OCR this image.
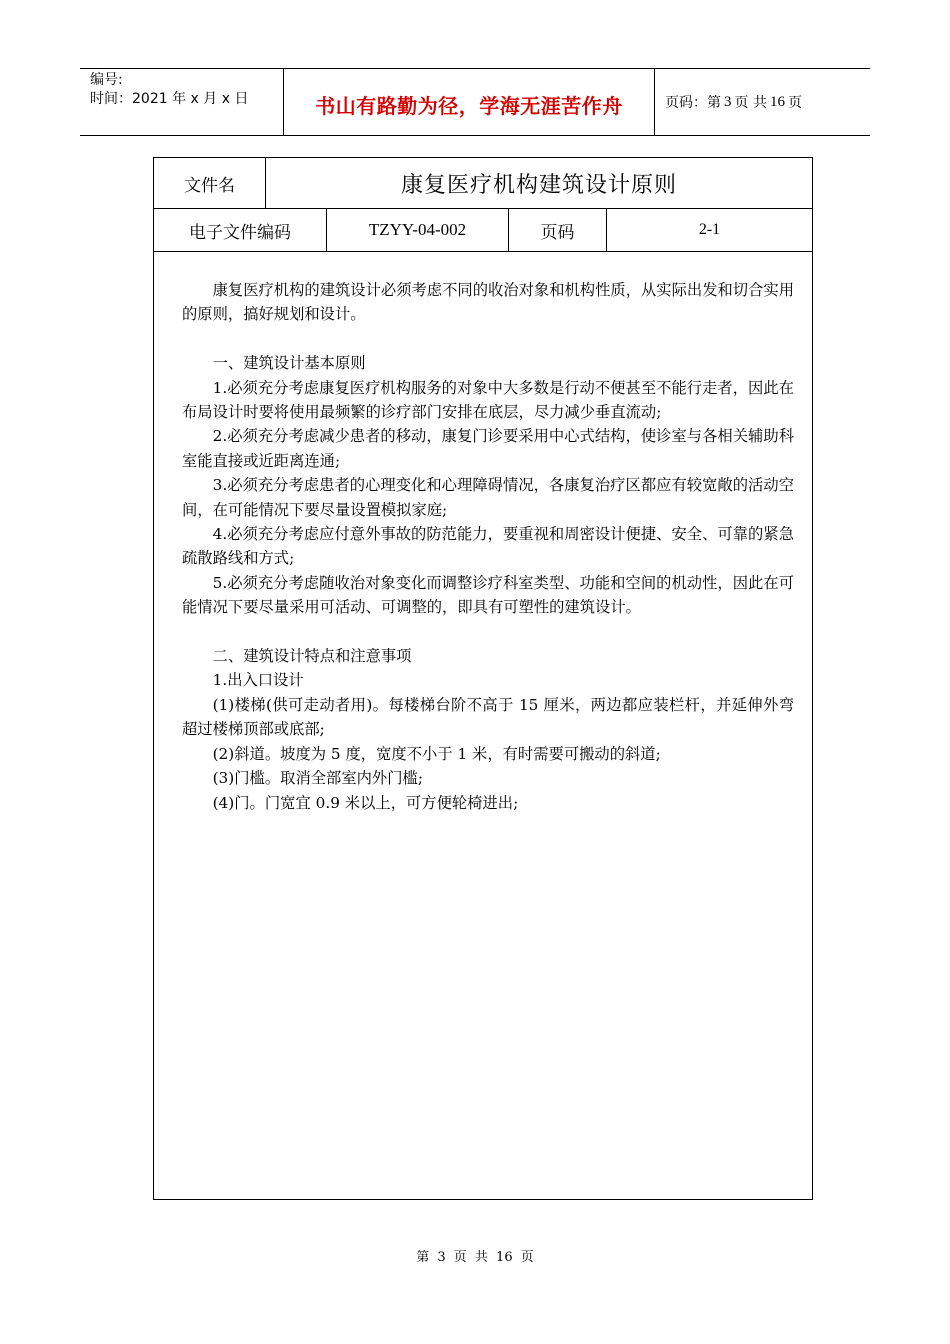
编号:
时间：2021 年 x 月 x 日	书山有路勤为径，学海无涯苦作舟	页码：第 3 页 共 16 页
文件名	康复医疗机构建筑设计原则
电子文件编码	TZYY-04-002	页码	2-1

康复医疗机构的建筑设计必须考虑不同的收治对象和机构性质，从实际出发和切合实用的原则，搞好规划和设计。

一、建筑设计基本原则

1.必须充分考虑康复医疗机构服务的对象中大多数是行动不便甚至不能行走者，因此在布局设计时要将使用最频繁的诊疗部门安排在底层，尽力减少垂直流动;

2.必须充分考虑减少患者的移动，康复门诊要采用中心式结构，使诊室与各相关辅助科室能直接或近距离连通;

3.必须充分考虑患者的心理变化和心理障碍情况，各康复治疗区都应有较宽敞的活动空间，在可能情况下要尽量设置模拟家庭;

4.必须充分考虑应付意外事故的防范能力，要重视和周密设计便捷、安全、可靠的紧急疏散路线和方式;

5.必须充分考虑随收治对象变化而调整诊疗科室类型、功能和空间的机动性，因此在可能情况下要尽量采用可活动、可调整的，即具有可塑性的建筑设计。

二、建筑设计特点和注意事项

1.出入口设计

(1)楼梯(供可走动者用)。每楼梯台阶不高于 15 厘米，两边都应装栏杆，并延伸外弯超过楼梯顶部或底部;

(2)斜道。坡度为 5 度，宽度不小于 1 米，有时需要可搬动的斜道;

(3)门槛。取消全部室内外门槛;

(4)门。门宽宜 0.9 米以上，可方便轮椅进出;

第 3 页 共 16 页
